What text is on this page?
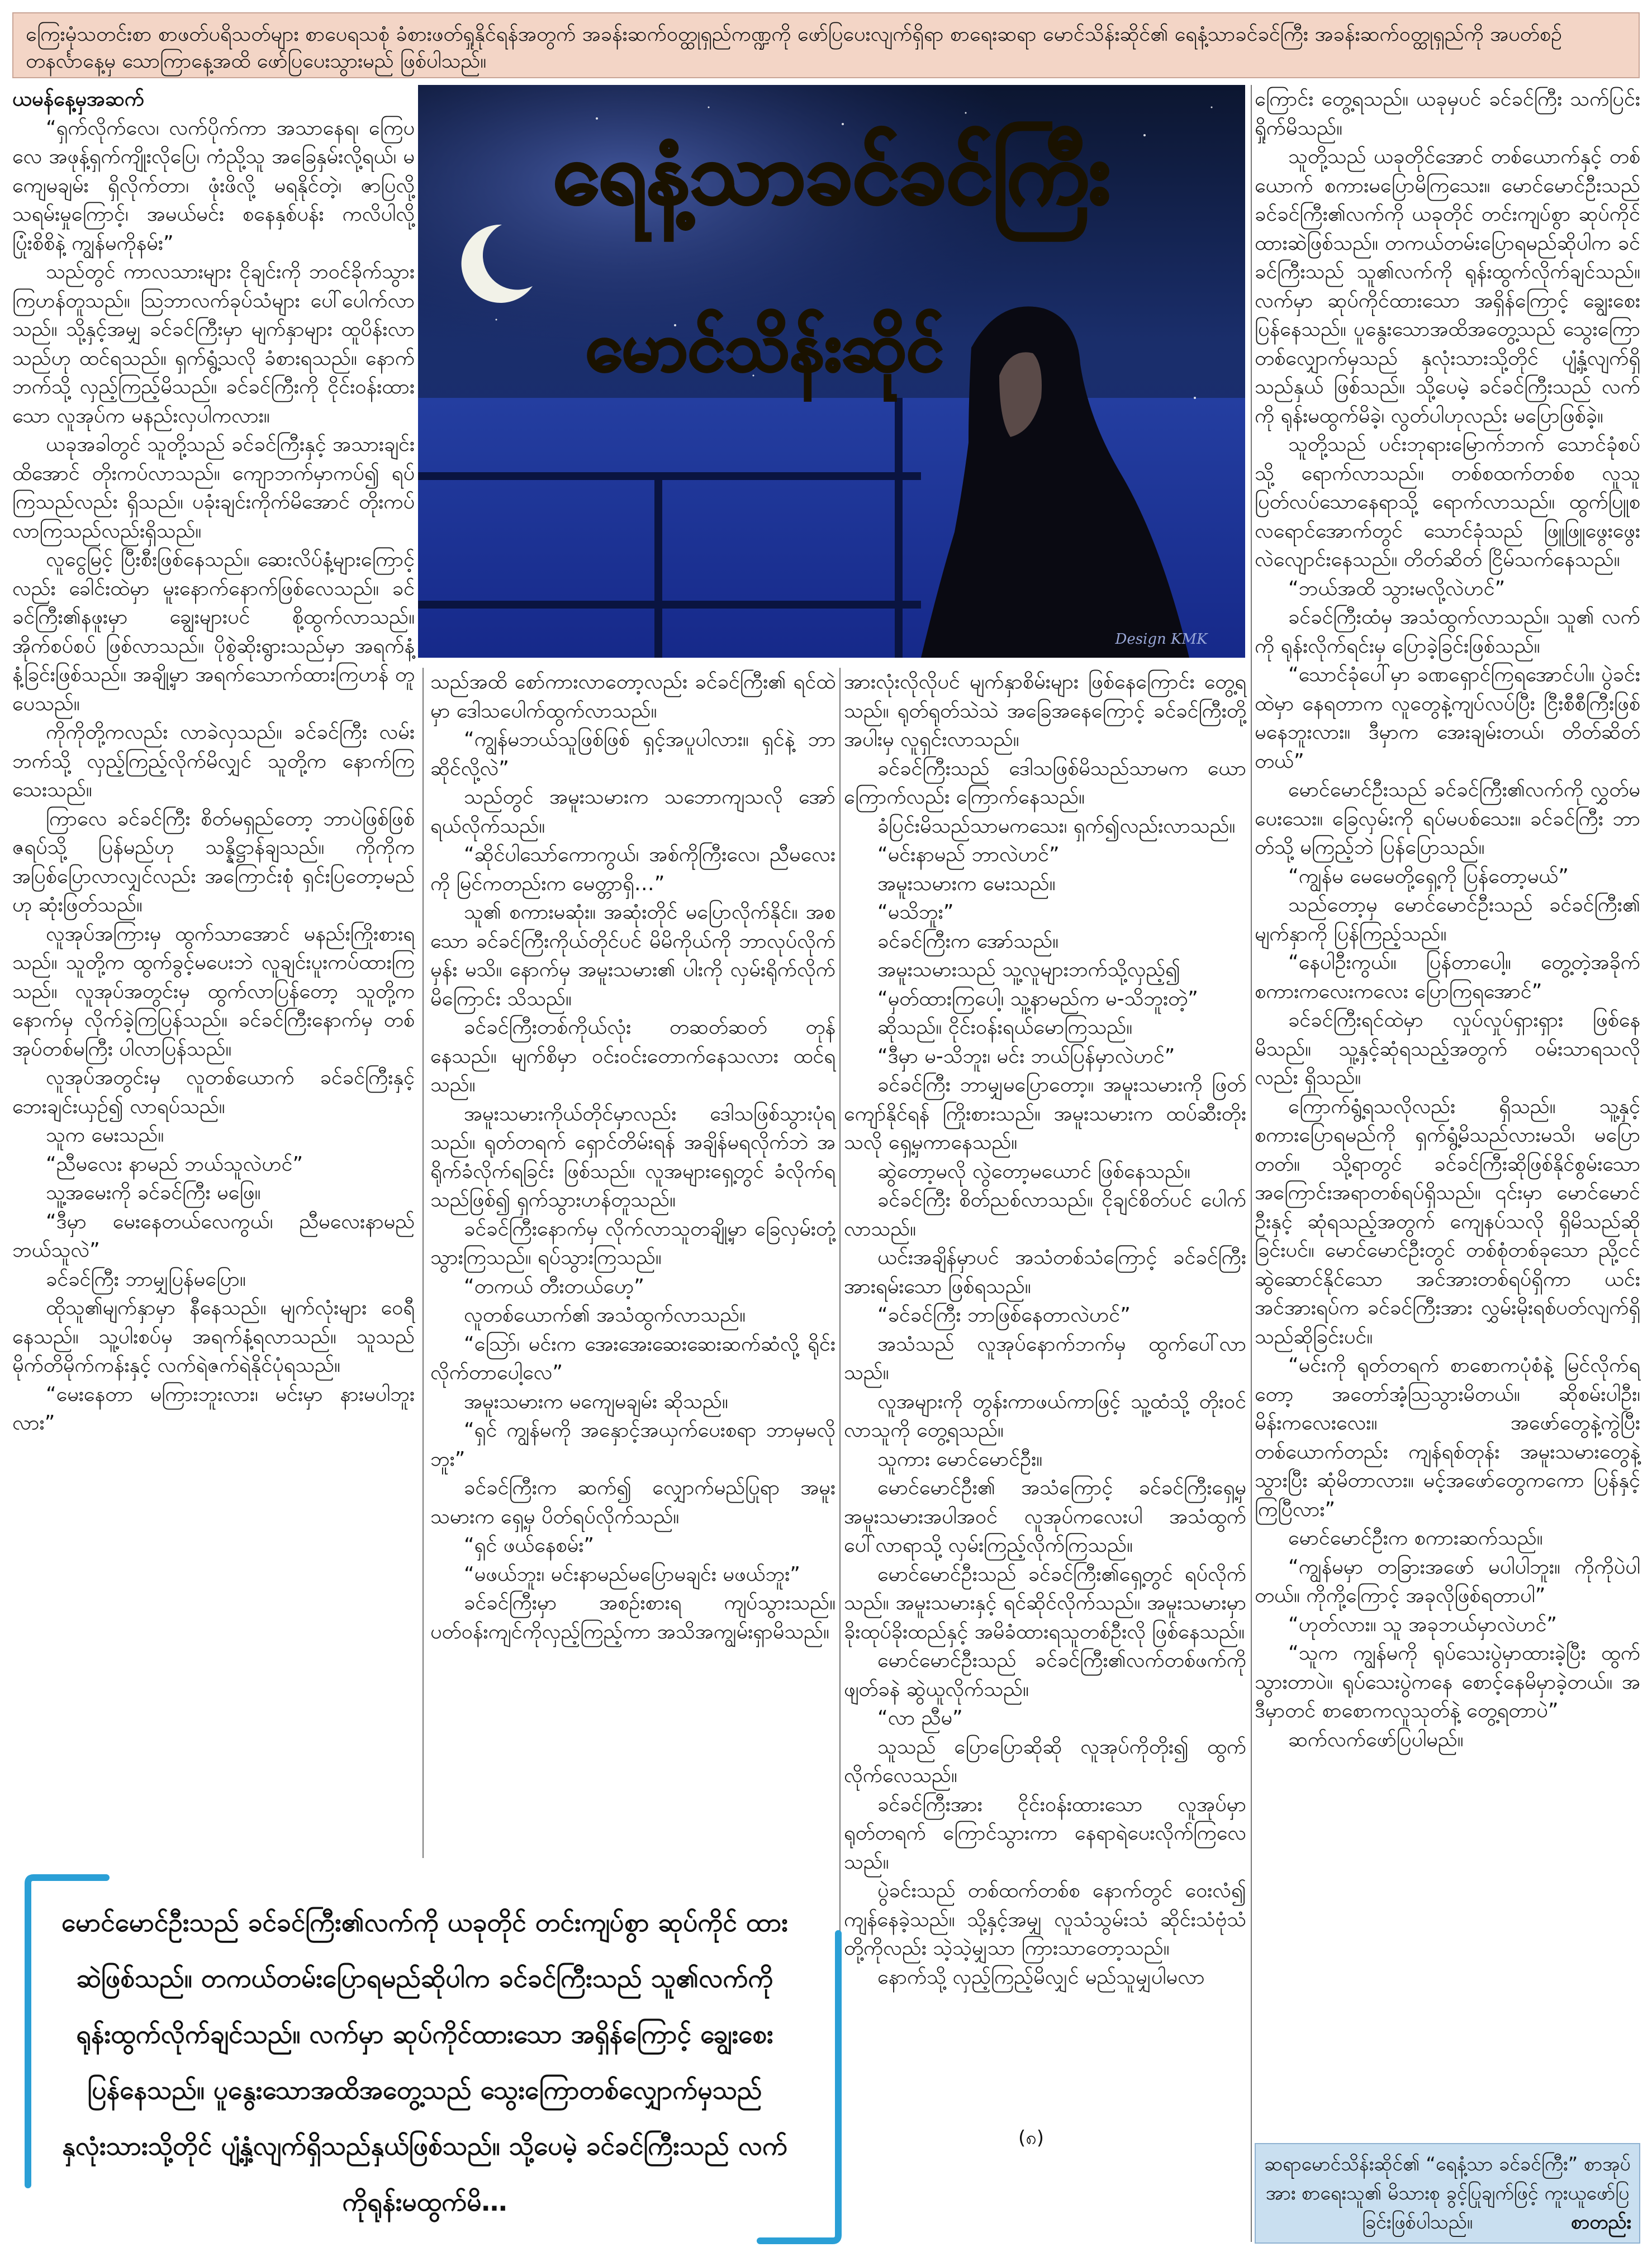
ကြေးမုံသတင်းစာ စာဖတ်ပရိသတ်များ စာပေရသစုံ ခံစားဖတ်ရှုနိုင်ရန်အတွက် အခန်းဆက်ဝတ္ထုရှည်ကဏ္ဍကို ဖော်ပြပေးလျက်ရှိရာ စာရေးဆရာ မောင်သိန်းဆိုင်၏ ရေနံ့သာခင်ခင်ကြီး အခန်းဆက်ဝတ္ထုရှည်ကို အပတ်စဉ် တနင်္လာနေ့မှ သောကြာနေ့အထိ ဖော်ပြပေးသွားမည် ဖြစ်ပါသည်။

ယမန်နေ့မှအဆက်

“ရှက်လိုက်လေ၊ လက်ပိုက်ကာ အသာနေရ၊ ကြေပလေ အဖုန့်ရှက်ကျိုးလိုပြေ၊ ကံညို့သူ အခြေနှမ်းလို့ရယ်၊ မကျေမချမ်း ရှိလိုက်တာ၊ ဖုံးဖိလို့ မရနိုင်တဲ့၊ ဇာပြလို့ သရမ်းမှုကြောင့်၊ အမယ်မင်း စနေနှစ်ပန်း ကလိပါလို့ ပြုံးစိစိနဲ့ ကျွန်မကိုနမ်း”

သည်တွင် ကာလသားများ ငိုချင်းကို ဘဝင်ခိုက်သွားကြဟန်တူသည်။ သြဘာလက်ခုပ်သံများ ပေါ်ပေါက်လာသည်။ သို့နှင့်အမျှ ခင်ခင်ကြီးမှာ မျက်နှာများ ထူပိန်းလာသည်ဟု ထင်ရသည်။ ရှက်ရွံ့သလို ခံစားရသည်။ နောက်ဘက်သို့ လှည့်ကြည့်မိသည်။ ခင်ခင်ကြီးကို ငိုင်းဝန်းထားသော လူအုပ်က မနည်းလှပါကလား။

ယခုအခါတွင် သူတို့သည် ခင်ခင်ကြီးနှင့် အသားချင်းထိအောင် တိုးကပ်လာသည်။ ကျောဘက်မှာကပ်၍ ရပ်ကြသည်လည်း ရှိသည်။ ပခုံးချင်းကိုက်မိအောင် တိုးကပ်လာကြသည်လည်းရှိသည်။

လူငွေမြင့် ပြီးစီးဖြစ်နေသည်။ ဆေးလိပ်နံ့များကြောင့်လည်း ခေါင်းထဲမှာ မူးနောက်နောက်ဖြစ်လေသည်။ ခင်ခင်ကြီး၏နဖူးမှာ ချွေးများပင် စို့ထွက်လာသည်။ အိုက်စပ်စပ် ဖြစ်လာသည်။ ပိုစွဲဆိုးရွားသည်မှာ အရက်နံ့နံ့ခြင်းဖြစ်သည်။ အချို့မှာ အရက်သောက်ထားကြဟန် တူပေသည်။

ကိုကိုတို့ကလည်း လာခဲလှသည်။ ခင်ခင်ကြီး လမ်းဘက်သို့ လှည့်ကြည့်လိုက်မိလျှင် သူတို့က နောက်ကြသေးသည်။

ကြာလေ ခင်ခင်ကြီး စိတ်မရှည်တော့ ဘာပဲဖြစ်ဖြစ် ဇရပ်သို့ ပြန်မည်ဟု သန္နိဋ္ဌာန်ချသည်။ ကိုကိုက အပြစ်ပြောလာလျှင်လည်း အကြောင်းစုံ ရှင်းပြတော့မည်ဟု ဆုံးဖြတ်သည်။

လူအုပ်အကြားမှ ထွက်သာအောင် မနည်းကြိုးစားရသည်။ သူတို့က ထွက်ခွင့်မပေးဘဲ လူချင်းပူးကပ်ထားကြသည်။ လူအုပ်အတွင်းမှ ထွက်လာပြန်တော့ သူတို့က နောက်မှ လိုက်ခဲ့ကြပြန်သည်။ ခင်ခင်ကြီးနောက်မှ တစ်အုပ်တစ်မကြီး ပါလာပြန်သည်။

လူအုပ်အတွင်းမှ လူတစ်ယောက် ခင်ခင်ကြီးနှင့် ဘေးချင်းယှဉ်၍ လာရပ်သည်။

သူက မေးသည်။

“ညီမလေး နာမည် ဘယ်သူလဲဟင်”

သူ့အမေးကို ခင်ခင်ကြီး မဖြေ။

“ဒီမှာ မေးနေတယ်လေကွယ်၊ ညီမလေးနာမည် ဘယ်သူလဲ”

ခင်ခင်ကြီး ဘာမျှပြန်မပြော။

ထိုသူ၏မျက်နှာမှာ နီနေသည်။ မျက်လုံးများ ဝေရီနေသည်။ သူ့ပါးစပ်မှ အရက်နံ့ရလာသည်။ သူသည် မိုက်တိမိုက်ကန်းနှင့် လက်ရဲဇက်ရဲနိုင်ပုံရသည်။

“မေးနေတာ မကြားဘူးလား၊ မင်းမှာ နားမပါဘူးလား”

ရေနံ့သာခင်ခင်ကြီး
မောင်သိန်းဆိုင်
Design KMK

သည်အထိ စော်ကားလာတော့လည်း ခင်ခင်ကြီး၏ ရင်ထဲမှာ ဒေါသပေါက်ထွက်လာသည်။

“ကျွန်မဘယ်သူဖြစ်ဖြစ် ရှင့်အပူပါလား။ ရှင်နဲ့ ဘာဆိုင်လို့လဲ”

သည်တွင် အမူးသမားက သဘောကျသလို အော်ရယ်လိုက်သည်။

“ဆိုင်ပါသော်ကောကွယ်၊ အစ်ကိုကြီးလေ၊ ညီမလေးကို မြင်ကတည်းက မေတ္တာရှိ…”

သူ၏ စကားမဆုံး။ အဆုံးတိုင် မပြောလိုက်နိုင်။ အစသော ခင်ခင်ကြီးကိုယ်တိုင်ပင် မိမိကိုယ်ကို ဘာလုပ်လိုက်မှန်း မသိ။ နောက်မှ အမူးသမား၏ ပါးကို လှမ်းရိုက်လိုက်မိကြောင်း သိသည်။

ခင်ခင်ကြီးတစ်ကိုယ်လုံး တဆတ်ဆတ် တုန်နေသည်။ မျက်စိမှာ ဝင်းဝင်းတောက်နေသလား ထင်ရသည်။

အမူးသမားကိုယ်တိုင်မှာလည်း ဒေါသဖြစ်သွားပုံရသည်။ ရုတ်တရက် ရှောင်တိမ်းရန် အချိန်မရလိုက်ဘဲ အရိုက်ခံလိုက်ရခြင်း ဖြစ်သည်။ လူအများရှေ့တွင် ခံလိုက်ရသည်ဖြစ်၍ ရှက်သွားဟန်တူသည်။

ခင်ခင်ကြီးနောက်မှ လိုက်လာသူတချို့မှာ ခြေလှမ်းတုံ့သွားကြသည်။ ရပ်သွားကြသည်။

“တကယ် တီးတယ်ဟေ့”

လူတစ်ယောက်၏ အသံထွက်လာသည်။

“ဩော်၊ မင်းက အေးအေးဆေးဆေးဆက်ဆံလို့ ရိုင်းလိုက်တာပေါ့လေ”

အမူးသမားက မကျေမချမ်း ဆိုသည်။

“ရှင် ကျွန်မကို အနှောင့်အယှက်ပေးစရာ ဘာမှမလိုဘူး”

ခင်ခင်ကြီးက ဆက်၍ လျှောက်မည်ပြုရာ အမူးသမားက ရှေ့မှ ပိတ်ရပ်လိုက်သည်။

“ရှင် ဖယ်နေစမ်း”

“မဖယ်ဘူး၊ မင်းနာမည်မပြောမချင်း မဖယ်ဘူး”

ခင်ခင်ကြီးမှာ အစဉ်းစားရ ကျပ်သွားသည်။ ပတ်ဝန်းကျင်ကိုလှည့်ကြည့်ကာ အသိအကျွမ်းရှာမိသည်။

အားလုံးလိုလိုပင် မျက်နှာစိမ်းများ ဖြစ်နေကြောင်း တွေ့ရသည်။ ရုတ်ရုတ်သဲသဲ အခြေအနေကြောင့် ခင်ခင်ကြီးတို့အပါးမှ လူရှင်းလာသည်။

ခင်ခင်ကြီးသည် ဒေါသဖြစ်မိသည်သာမက ယောကြောက်လည်း ကြောက်နေသည်။

ခံပြင်းမိသည်သာမကသေး၊ ရှက်၍လည်းလာသည်။

“မင်းနာမည် ဘာလဲဟင်”

အမူးသမားက မေးသည်။

“မသိဘူး”

ခင်ခင်ကြီးက အော်သည်။

အမူးသမားသည် သူ့လူများဘက်သို့လှည့်၍

“မှတ်ထားကြပေါ့၊ သူ့နာမည်က မ-သိဘူးတဲ့”

ဆိုသည်။ ငိုင်းဝန်းရယ်မောကြသည်။

“ဒီမှာ မ-သိဘူး၊ မင်း ဘယ်ပြန်မှာလဲဟင်”

ခင်ခင်ကြီး ဘာမျှမပြောတော့။ အမူးသမားကို ဖြတ်ကျော်နိုင်ရန် ကြိုးစားသည်။ အမူးသမားက ထပ်ဆီးတိုးသလို ရှေ့မှကာနေသည်။

ဆွဲတော့မလို လွဲတော့မယောင် ဖြစ်နေသည်။

ခင်ခင်ကြီး စိတ်ညစ်လာသည်။ ငိုချင်စိတ်ပင် ပေါက်လာသည်။

ယင်းအချိန်မှာပင် အသံတစ်သံကြောင့် ခင်ခင်ကြီး အားရမ်းသော ဖြစ်ရသည်။

“ခင်ခင်ကြီး ဘာဖြစ်နေတာလဲဟင်”

အသံသည် လူအုပ်နောက်ဘက်မှ ထွက်ပေါ်လာသည်။

လူအများကို တွန်းကာဖယ်ကာဖြင့် သူ့ထံသို့ တိုးဝင်လာသူကို တွေ့ရသည်။

သူကား မောင်မောင်ဦး။

မောင်မောင်ဦး၏ အသံကြောင့် ခင်ခင်ကြီးရှေ့မှ အမူးသမားအပါအဝင် လူအုပ်ကလေးပါ အသံထွက်ပေါ်လာရာသို့ လှမ်းကြည့်လိုက်ကြသည်။

မောင်မောင်ဦးသည် ခင်ခင်ကြီး၏ရှေ့တွင် ရပ်လိုက်သည်။ အမူးသမားနှင့် ရင်ဆိုင်လိုက်သည်။ အမူးသမားမှာ ခိုးထုပ်ခိုးထည်နှင့် အမိခံထားရသူတစ်ဦးလို ဖြစ်နေသည်။

မောင်မောင်ဦးသည် ခင်ခင်ကြီး၏လက်တစ်ဖက်ကို ဖျတ်ခနဲ ဆွဲယူလိုက်သည်။

“လာ ညီမ”

သူသည် ပြောပြောဆိုဆို လူအုပ်ကိုတိုး၍ ထွက်လိုက်လေသည်။

ခင်ခင်ကြီးအား ငိုင်းဝန်းထားသော လူအုပ်မှာ ရုတ်တရက် ကြောင်သွားကာ နေရာရဲပေးလိုက်ကြလေသည်။

ပွဲခင်းသည် တစ်ထက်တစ်စ နောက်တွင် ဝေးလံ၍ ကျန်နေခဲ့သည်။ သို့နှင့်အမျှ လူသံသွမ်းသံ ဆိုင်းသံဗုံသံတို့ကိုလည်း သဲ့သဲ့မျှသာ ကြားသာတော့သည်။

နောက်သို့ လှည့်ကြည့်မိလျှင် မည်သူမျှပါမလာ

ကြောင်း တွေ့ရသည်။ ယခုမှပင် ခင်ခင်ကြီး သက်ပြင်းရှိုက်မိသည်။

သူတို့သည် ယခုတိုင်အောင် တစ်ယောက်နှင့် တစ်ယောက် စကားမပြောမိကြသေး။ မောင်မောင်ဦးသည် ခင်ခင်ကြီး၏လက်ကို ယခုတိုင် တင်းကျပ်စွာ ဆုပ်ကိုင်ထားဆဲဖြစ်သည်။ တကယ်တမ်းပြောရမည်ဆိုပါက ခင်ခင်ကြီးသည် သူ၏လက်ကို ရုန်းထွက်လိုက်ချင်သည်။ လက်မှာ ဆုပ်ကိုင်ထားသော အရှိန်ကြောင့် ချွေးစေးပြန်နေသည်။ ပူနွေးသောအထိအတွေ့သည် သွေးကြောတစ်လျှောက်မှသည် နှလုံးသားသို့တိုင် ပျံ့နှံ့လျက်ရှိသည်နှယ် ဖြစ်သည်။ သို့ပေမဲ့ ခင်ခင်ကြီးသည် လက်ကို ရုန်းမထွက်မိခဲ့၊ လွတ်ပါဟုလည်း မပြောဖြစ်ခဲ့။

သူတို့သည် ပင်းဘုရားမြောက်ဘက် သောင်ခုံစပ်သို့ ရောက်လာသည်။ တစ်စထက်တစ်စ လူသူပြတ်လပ်သောနေရာသို့ ရောက်လာသည်။ ထွက်ပြူစလရောင်အောက်တွင် သောင်ခုံသည် ဖြူဖြူဖွေးဖွေး လဲလျောင်းနေသည်။ တိတ်ဆိတ် ငြိမ်သက်နေသည်။

“ဘယ်အထိ သွားမလို့လဲဟင်”

ခင်ခင်ကြီးထံမှ အသံထွက်လာသည်။ သူ၏ လက်ကို ရုန်းလိုက်ရင်းမှ ပြောခဲ့ခြင်းဖြစ်သည်။

“သောင်ခုံပေါ်မှာ ခဏရှောင်ကြရအောင်ပါ။ ပွဲခင်းထဲမှာ နေရတာက လူတွေနဲ့ကျပ်လပ်ပြီး ငြီးစီစီကြီးဖြစ်မနေဘူးလား။ ဒီမှာက အေးချမ်းတယ်၊ တိတ်ဆိတ်တယ်”

မောင်မောင်ဦးသည် ခင်ခင်ကြီး၏လက်ကို လွှတ်မပေးသေး။ ခြေလှမ်းကို ရပ်မပစ်သေး။ ခင်ခင်ကြီး ဘာတ်သို့ မကြည့်ဘဲ ပြန်ပြောသည်။

“ကျွန်မ မေမေတို့ရှေ့ကို ပြန်တော့မယ်”

သည်တော့မှ မောင်မောင်ဦးသည် ခင်ခင်ကြီး၏ မျက်နှာကို ပြန်ကြည့်သည်။

“နေပါဦးကွယ်။ ပြန်တာပေါ့။ တွေ့တဲ့အခိုက် စကားကလေးကလေး ပြောကြရအောင်”

ခင်ခင်ကြီးရင်ထဲမှာ လှုပ်လှုပ်ရှားရှား ဖြစ်နေမိသည်။ သူ့နှင့်ဆုံရသည့်အတွက် ဝမ်းသာရသလိုလည်း ရှိသည်။

ကြောက်ရွံ့ရသလိုလည်း ရှိသည်။ သူ့နှင့် စကားပြောရမည်ကို ရှက်ရွံ့မိသည်လားမသိ၊ မပြောတတ်။ သို့ရာတွင် ခင်ခင်ကြီးဆိုဖြစ်နိုင်စွမ်းသော အကြောင်းအရာတစ်ရပ်ရှိသည်။ ၎င်းမှာ မောင်မောင်ဦးနှင့် ဆုံရသည့်အတွက် ကျေနပ်သလို ရှိမိသည်ဆိုခြင်းပင်။ မောင်မောင်ဦးတွင် တစ်စုံတစ်ခုသော ညို့ငင်ဆွဲဆောင်နိုင်သော အင်အားတစ်ရပ်ရှိကာ ယင်းအင်အားရပ်က ခင်ခင်ကြီးအား လွှမ်းမိုးရစ်ပတ်လျက်ရှိသည်ဆိုခြင်းပင်။

“မင်းကို ရုတ်တရက် စာစောကပုံစံနဲ့ မြင်လိုက်ရတော့ အတော်အံ့ဩသွားမိတယ်။ ဆိုစမ်းပါဦး၊ မိန်းကလေးလေး။ အဖော်တွေနဲ့ကွဲပြီး တစ်ယောက်တည်း ကျန်ရစ်တုန်း အမူးသမားတွေနဲ့သွားပြီး ဆုံမိတာလား။ မင့်အဖော်တွေကကော ပြန်နှင့်ကြပြီလား”

မောင်မောင်ဦးက စကားဆက်သည်။

“ကျွန်မမှာ တခြားအဖော် မပါပါဘူး။ ကိုကိုပဲပါတယ်။ ကိုကို့ကြောင့် အခုလိုဖြစ်ရတာပါ”

“ဟုတ်လား။ သူ အခုဘယ်မှာလဲဟင်”

“သူက ကျွန်မကို ရုပ်သေးပွဲမှာထားခဲ့ပြီး ထွက်သွားတာပဲ။ ရုပ်သေးပွဲကနေ စောင့်နေမိမှာခဲ့တယ်။ အဒီမှာတင် စာစောကလူသုတ်နဲ့ တွေ့ရတာပဲ”

ဆက်လက်ဖော်ပြပါမည်။

မောင်မောင်ဦးသည် ခင်ခင်ကြီး၏လက်ကို ယခုတိုင် တင်းကျပ်စွာ ဆုပ်ကိုင် ထားဆဲဖြစ်သည်။ တကယ်တမ်းပြောရမည်ဆိုပါက ခင်ခင်ကြီးသည် သူ၏လက်ကို ရုန်းထွက်လိုက်ချင်သည်။ လက်မှာ ဆုပ်ကိုင်ထားသော အရှိန်ကြောင့် ချွေးစေးပြန်နေသည်။ ပူနွေးသောအထိအတွေ့သည် သွေးကြောတစ်လျှောက်မှသည် နှလုံးသားသို့တိုင် ပျံ့နှံ့လျက်ရှိသည်နှယ်ဖြစ်သည်။ သို့ပေမဲ့ ခင်ခင်ကြီးသည် လက်ကိုရုန်းမထွက်မိ…
(၈)
ဆရာမောင်သိန်းဆိုင်၏ “ရေနံ့သာ ခင်ခင်ကြီး” စာအုပ်အား စာရေးသူ၏ မိသားစု ခွင့်ပြုချက်ဖြင့် ကူးယူဖော်ပြခြင်းဖြစ်ပါသည်။	စာတည်း
